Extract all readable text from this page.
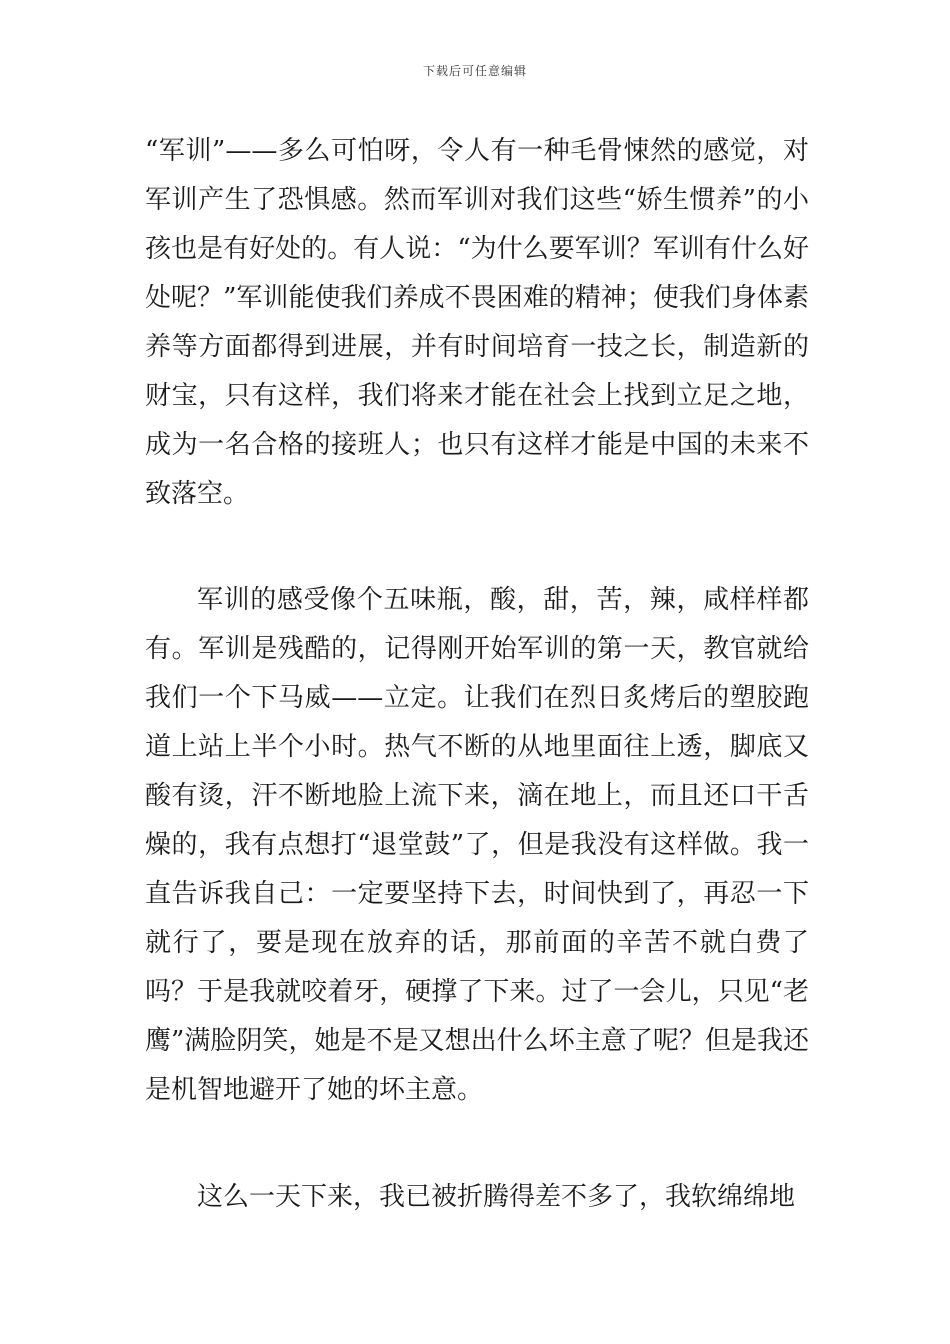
下载后可任意编辑

“军训”——多么可怕呀，令人有一种毛骨悚然的感觉，对军训产生了恐惧感。然而军训对我们这些“娇生惯养”的小孩也是有好处的。有人说：“为什么要军训？军训有什么好处呢？”军训能使我们养成不畏困难的精神；使我们身体素养等方面都得到进展，并有时间培育一技之长，制造新的财宝，只有这样，我们将来才能在社会上找到立足之地，成为一名合格的接班人；也只有这样才能是中国的未来不致落空。

军训的感受像个五味瓶，酸，甜，苦，辣，咸样样都有。军训是残酷的，记得刚开始军训的第一天，教官就给我们一个下马威——立定。让我们在烈日炙烤后的塑胶跑道上站上半个小时。热气不断的从地里面往上透，脚底又酸有烫，汗不断地脸上流下来，滴在地上，而且还口干舌燥的，我有点想打“退堂鼓”了，但是我没有这样做。我一直告诉我自己：一定要坚持下去，时间快到了，再忍一下就行了，要是现在放弃的话，那前面的辛苦不就白费了吗？于是我就咬着牙，硬撑了下来。过了一会儿，只见“老鹰”满脸阴笑，她是不是又想出什么坏主意了呢？但是我还是机智地避开了她的坏主意。

这么一天下来，我已被折腾得差不多了，我软绵绵地
